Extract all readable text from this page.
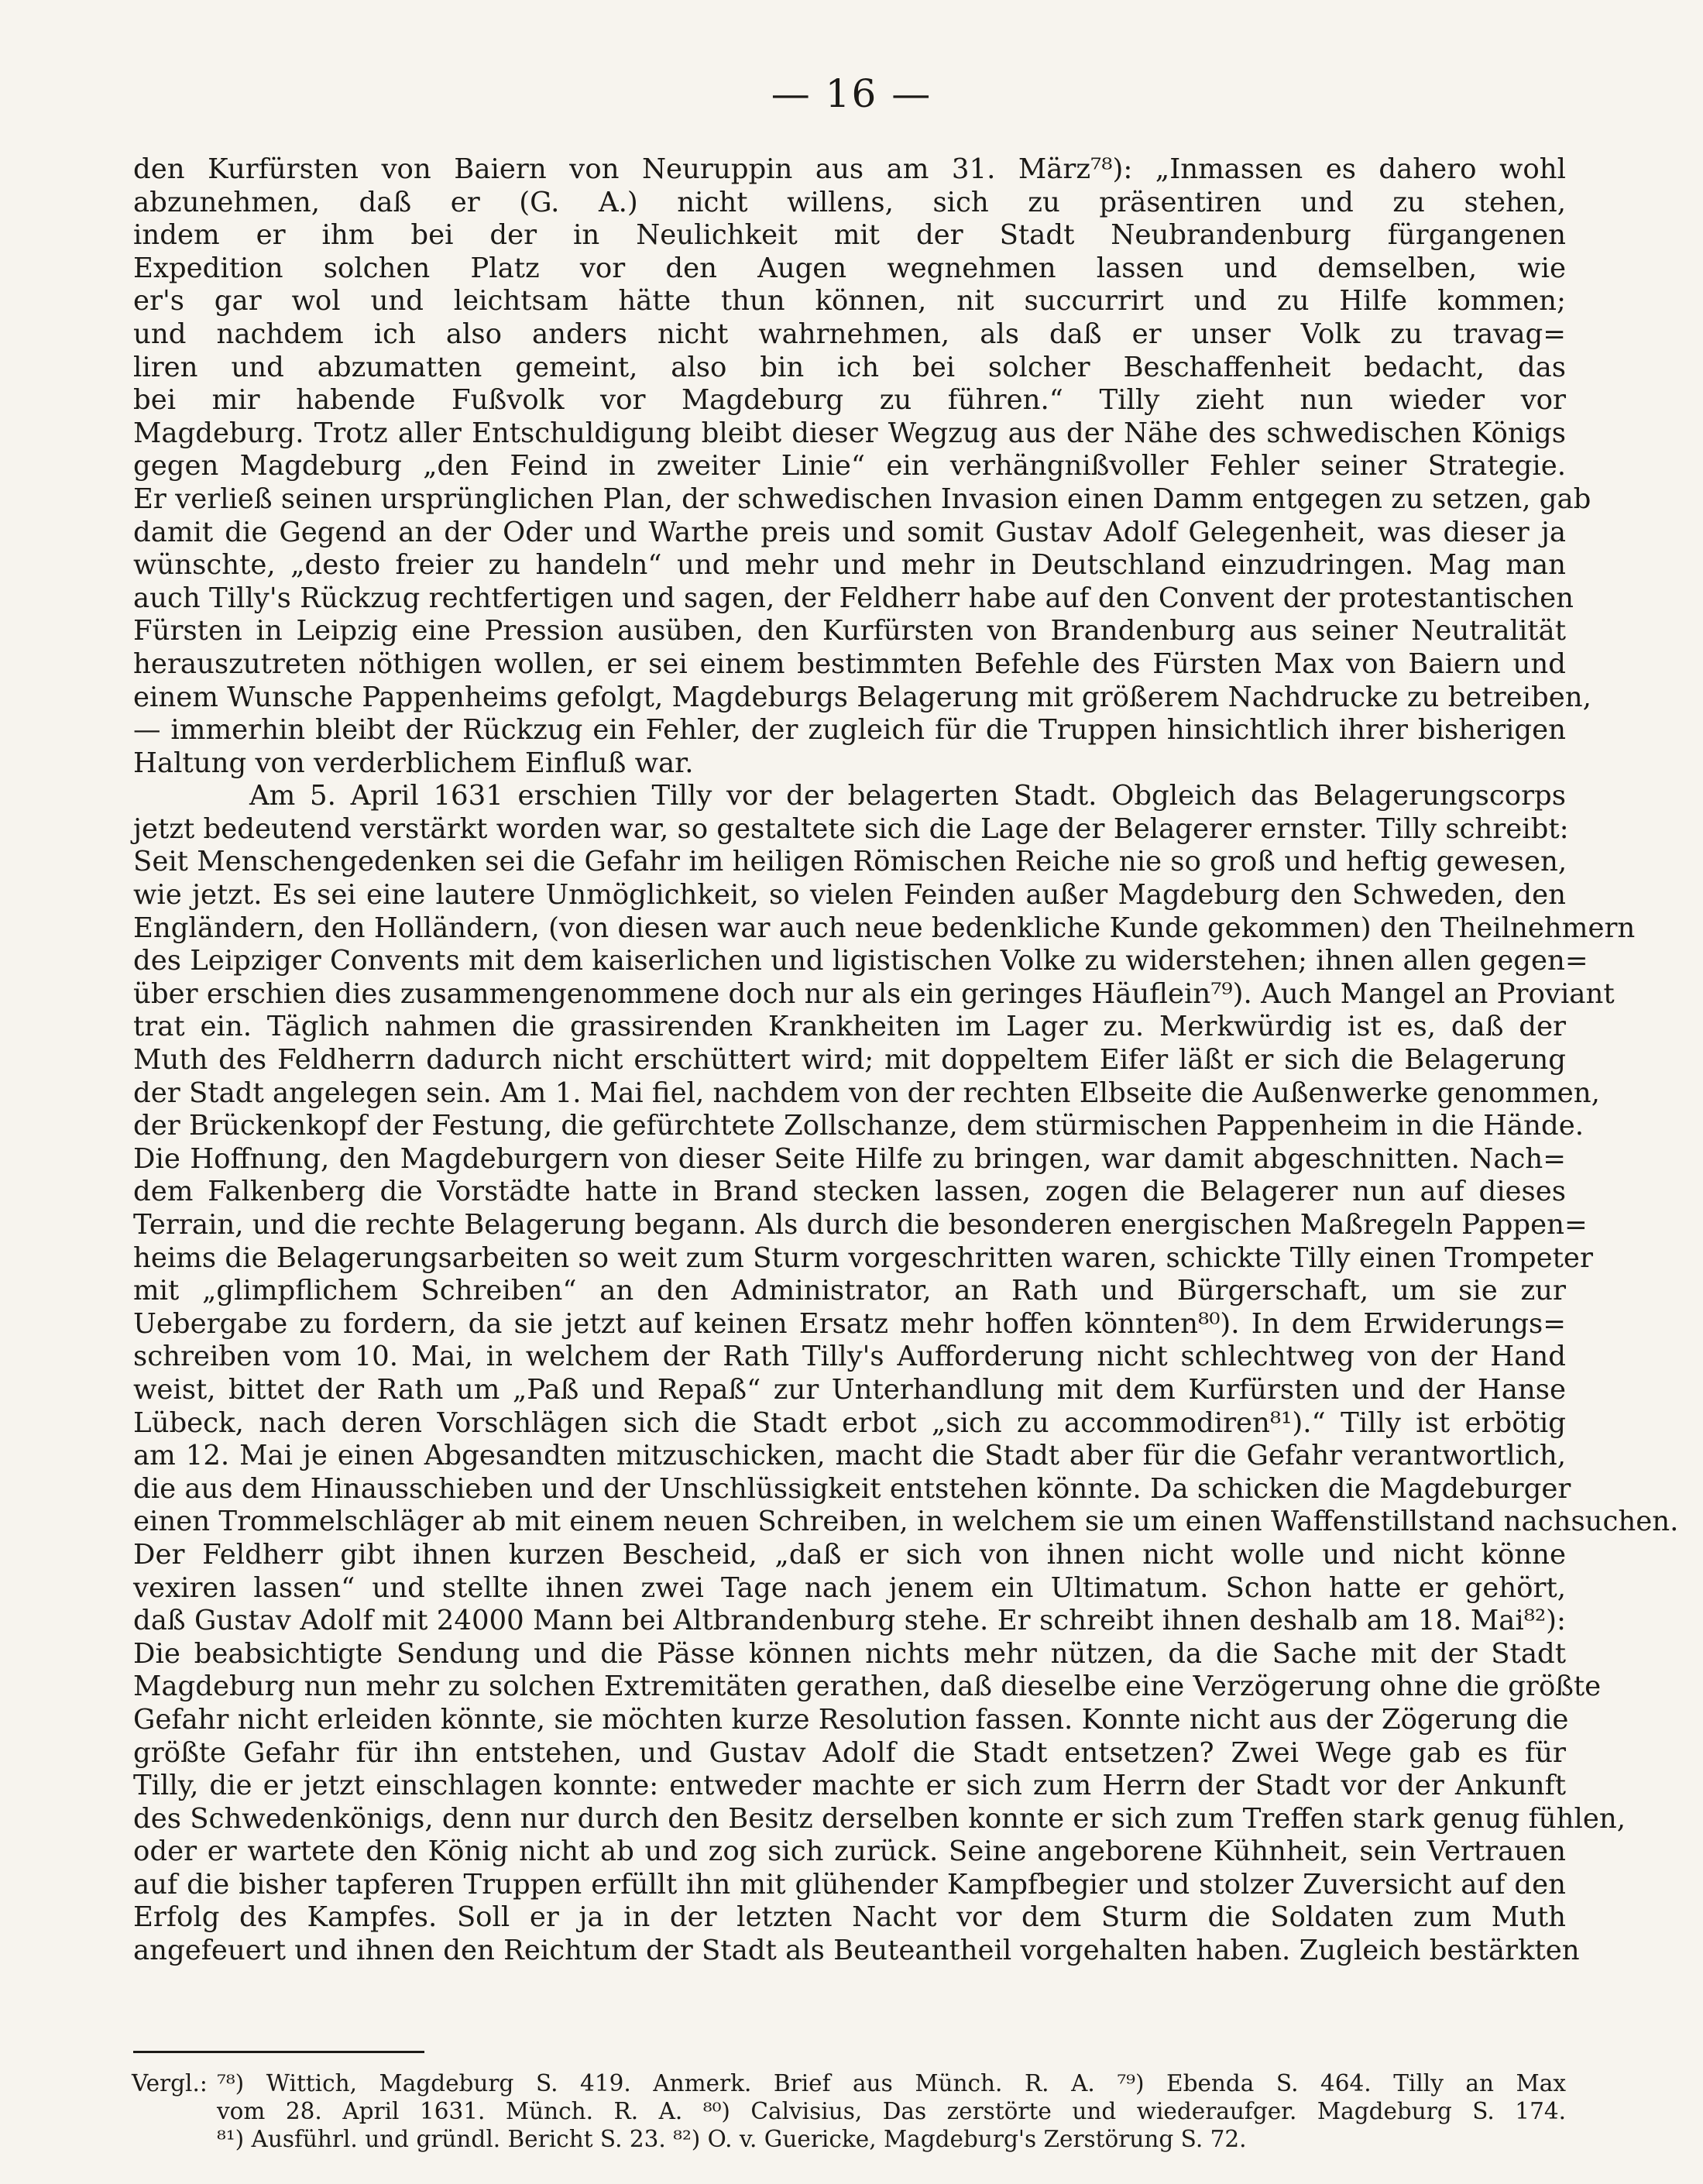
— 16 —
den Kurfürsten von Baiern von Neuruppin aus am 31. März⁷⁸): „Inmassen es dahero wohl
abzunehmen, daß er (G. A.) nicht willens, sich zu präsentiren und zu stehen,
indem er ihm bei der in Neulichkeit mit der Stadt Neubrandenburg fürgangenen
Expedition solchen Platz vor den Augen wegnehmen lassen und demselben, wie
er's gar wol und leichtsam hätte thun können, nit succurrirt und zu Hilfe kommen;
und nachdem ich also anders nicht wahrnehmen, als daß er unser Volk zu travag=
liren und abzumatten gemeint, also bin ich bei solcher Beschaffenheit bedacht, das
bei mir habende Fußvolk vor Magdeburg zu führen.“ Tilly zieht nun wieder vor
Magdeburg. Trotz aller Entschuldigung bleibt dieser Wegzug aus der Nähe des schwedischen Königs
gegen Magdeburg „den Feind in zweiter Linie“ ein verhängnißvoller Fehler seiner Strategie.
Er verließ seinen ursprünglichen Plan, der schwedischen Invasion einen Damm entgegen zu setzen, gab
damit die Gegend an der Oder und Warthe preis und somit Gustav Adolf Gelegenheit, was dieser ja
wünschte, „desto freier zu handeln“ und mehr und mehr in Deutschland einzudringen. Mag man
auch Tilly's Rückzug rechtfertigen und sagen, der Feldherr habe auf den Convent der protestantischen
Fürsten in Leipzig eine Pression ausüben, den Kurfürsten von Brandenburg aus seiner Neutralität
herauszutreten nöthigen wollen, er sei einem bestimmten Befehle des Fürsten Max von Baiern und
einem Wunsche Pappenheims gefolgt, Magdeburgs Belagerung mit größerem Nachdrucke zu betreiben,
— immerhin bleibt der Rückzug ein Fehler, der zugleich für die Truppen hinsichtlich ihrer bisherigen
Haltung von verderblichem Einfluß war.
Am 5. April 1631 erschien Tilly vor der belagerten Stadt. Obgleich das Belagerungscorps
jetzt bedeutend verstärkt worden war, so gestaltete sich die Lage der Belagerer ernster. Tilly schreibt:
Seit Menschengedenken sei die Gefahr im heiligen Römischen Reiche nie so groß und heftig gewesen,
wie jetzt. Es sei eine lautere Unmöglichkeit, so vielen Feinden außer Magdeburg den Schweden, den
Engländern, den Holländern, (von diesen war auch neue bedenkliche Kunde gekommen) den Theilnehmern
des Leipziger Convents mit dem kaiserlichen und ligistischen Volke zu widerstehen; ihnen allen gegen=
über erschien dies zusammengenommene doch nur als ein geringes Häuflein⁷⁹). Auch Mangel an Proviant
trat ein. Täglich nahmen die grassirenden Krankheiten im Lager zu. Merkwürdig ist es, daß der
Muth des Feldherrn dadurch nicht erschüttert wird; mit doppeltem Eifer läßt er sich die Belagerung
der Stadt angelegen sein. Am 1. Mai fiel, nachdem von der rechten Elbseite die Außenwerke genommen,
der Brückenkopf der Festung, die gefürchtete Zollschanze, dem stürmischen Pappenheim in die Hände.
Die Hoffnung, den Magdeburgern von dieser Seite Hilfe zu bringen, war damit abgeschnitten. Nach=
dem Falkenberg die Vorstädte hatte in Brand stecken lassen, zogen die Belagerer nun auf dieses
Terrain, und die rechte Belagerung begann. Als durch die besonderen energischen Maßregeln Pappen=
heims die Belagerungsarbeiten so weit zum Sturm vorgeschritten waren, schickte Tilly einen Trompeter
mit „glimpflichem Schreiben“ an den Administrator, an Rath und Bürgerschaft, um sie zur
Uebergabe zu fordern, da sie jetzt auf keinen Ersatz mehr hoffen könnten⁸⁰). In dem Erwiderungs=
schreiben vom 10. Mai, in welchem der Rath Tilly's Aufforderung nicht schlechtweg von der Hand
weist, bittet der Rath um „Paß und Repaß“ zur Unterhandlung mit dem Kurfürsten und der Hanse
Lübeck, nach deren Vorschlägen sich die Stadt erbot „sich zu accommodiren⁸¹).“ Tilly ist erbötig
am 12. Mai je einen Abgesandten mitzuschicken, macht die Stadt aber für die Gefahr verantwortlich,
die aus dem Hinausschieben und der Unschlüssigkeit entstehen könnte. Da schicken die Magdeburger
einen Trommelschläger ab mit einem neuen Schreiben, in welchem sie um einen Waffenstillstand nachsuchen.
Der Feldherr gibt ihnen kurzen Bescheid, „daß er sich von ihnen nicht wolle und nicht könne
vexiren lassen“ und stellte ihnen zwei Tage nach jenem ein Ultimatum. Schon hatte er gehört,
daß Gustav Adolf mit 24000 Mann bei Altbrandenburg stehe. Er schreibt ihnen deshalb am 18. Mai⁸²):
Die beabsichtigte Sendung und die Pässe können nichts mehr nützen, da die Sache mit der Stadt
Magdeburg nun mehr zu solchen Extremitäten gerathen, daß dieselbe eine Verzögerung ohne die größte
Gefahr nicht erleiden könnte, sie möchten kurze Resolution fassen. Konnte nicht aus der Zögerung die
größte Gefahr für ihn entstehen, und Gustav Adolf die Stadt entsetzen? Zwei Wege gab es für
Tilly, die er jetzt einschlagen konnte: entweder machte er sich zum Herrn der Stadt vor der Ankunft
des Schwedenkönigs, denn nur durch den Besitz derselben konnte er sich zum Treffen stark genug fühlen,
oder er wartete den König nicht ab und zog sich zurück. Seine angeborene Kühnheit, sein Vertrauen
auf die bisher tapferen Truppen erfüllt ihn mit glühender Kampfbegier und stolzer Zuversicht auf den
Erfolg des Kampfes. Soll er ja in der letzten Nacht vor dem Sturm die Soldaten zum Muth
angefeuert und ihnen den Reichtum der Stadt als Beuteantheil vorgehalten haben. Zugleich bestärkten
Vergl.: ⁷⁸) Wittich, Magdeburg S. 419. Anmerk. Brief aus Münch. R. A. ⁷⁹) Ebenda S. 464. Tilly an Max
vom 28. April 1631. Münch. R. A. ⁸⁰) Calvisius, Das zerstörte und wiederaufger. Magdeburg S. 174.
⁸¹) Ausführl. und gründl. Bericht S. 23. ⁸²) O. v. Guericke, Magdeburg's Zerstörung S. 72.
